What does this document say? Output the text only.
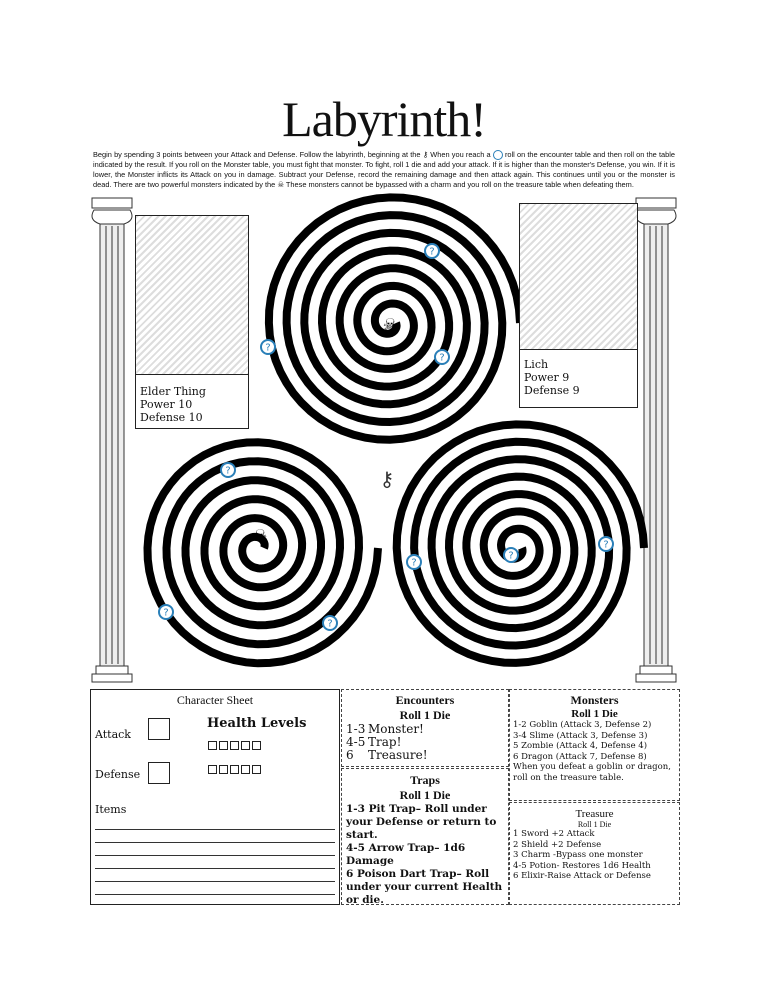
Labyrinth!
Begin by spending 3 points between your Attack and Defense. Follow the labyrinth, beginning at the ⚷ When you reach a roll on the encounter table and then roll on the table indicated by the result. If you roll on the Monster table, you must fight that monster. To fight, roll 1 die and add your attack. If it is higher than the monster's Defense, you win. If it is lower, the Monster inflicts its Attack on you in damage. Subtract your Defense, record the remaining damage and then attack again. This continues until you or the monster is dead. There are two powerful monsters indicated by the ☠ These monsters cannot be bypassed with a charm and you roll on the treasure table when defeating them.
?
?
?
?
?
?
?
?
?
☠
☠
⚷
Elder Thing
Power 10
Defense 10
Lich
Power 9
Defense 9
Character Sheet
Attack
Defense
Health Levels
Items
Encounters
Roll 1 Die
1-3 Monster!
4-5 Trap!
6 Treasure!
Traps
Roll 1 Die
1-3 Pit Trap– Roll under your Defense or return to start.
4-5 Arrow Trap– 1d6 Damage
6 Poison Dart Trap– Roll under your current Health or die.
Monsters
Roll 1 Die
1-2 Goblin (Attack 3, Defense 2)
3-4 Slime (Attack 3, Defense 3)
5 Zombie (Attack 4, Defense 4)
6 Dragon (Attack 7, Defense 8)
When you defeat a goblin or dragon, roll on the treasure table.
Treasure
Roll 1 Die
1 Sword +2 Attack
2 Shield +2 Defense
3 Charm -Bypass one monster
4-5 Potion- Restores 1d6 Health
6 Elixir-Raise Attack or Defense
